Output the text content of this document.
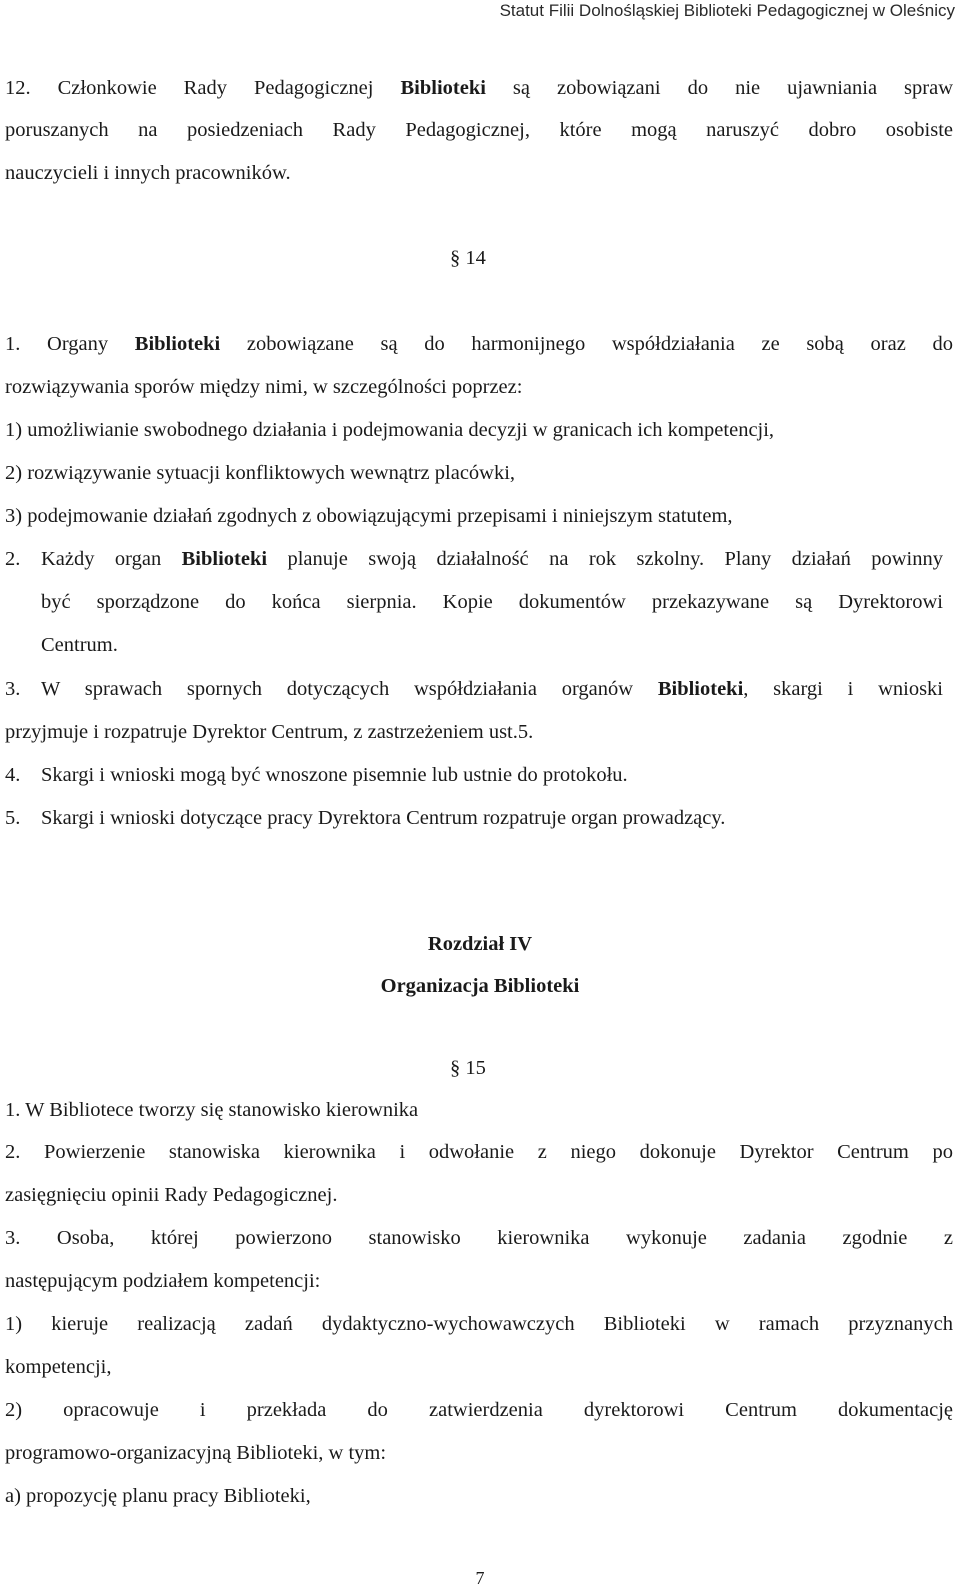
Statut Filii Dolnośląskiej Biblioteki Pedagogicznej w Oleśnicy
12. Członkowie Rady Pedagogicznej Biblioteki są zobowiązani do nie ujawniania spraw
poruszanych na posiedzeniach Rady Pedagogicznej, które mogą naruszyć dobro osobiste
nauczycieli i innych pracowników.
§ 14
1. Organy Biblioteki zobowiązane są do harmonijnego współdziałania ze sobą oraz do
rozwiązywania sporów między nimi, w szczególności poprzez:
1) umożliwianie swobodnego działania i podejmowania decyzji w granicach ich kompetencji,
2) rozwiązywanie sytuacji konfliktowych wewnątrz placówki,
3) podejmowanie działań zgodnych z obowiązującymi przepisami i niniejszym statutem,
2.	Każdy organ Biblioteki planuje swoją działalność na rok szkolny. Plany działań powinny
być sporządzone do końca sierpnia. Kopie dokumentów przekazywane są Dyrektorowi
Centrum.
3.	W sprawach spornych dotyczących współdziałania organów Biblioteki, skargi i wnioski
przyjmuje i rozpatruje Dyrektor Centrum, z zastrzeżeniem ust.5.
4.	Skargi i wnioski mogą być wnoszone pisemnie lub ustnie do protokołu.
5.	Skargi i wnioski dotyczące pracy Dyrektora Centrum rozpatruje organ prowadzący.
Rozdział IV
Organizacja Biblioteki
§ 15
1. W Bibliotece tworzy się stanowisko kierownika
2. Powierzenie stanowiska kierownika i odwołanie z niego dokonuje Dyrektor Centrum po
zasięgnięciu opinii Rady Pedagogicznej.
3. Osoba, której powierzono stanowisko kierownika wykonuje zadania zgodnie z
następującym podziałem kompetencji:
1) kieruje realizacją zadań dydaktyczno-wychowawczych Biblioteki w ramach przyznanych
kompetencji,
2) opracowuje i przekłada do zatwierdzenia dyrektorowi Centrum dokumentację
programowo-organizacyjną Biblioteki, w tym:
a) propozycję planu pracy Biblioteki,
7
